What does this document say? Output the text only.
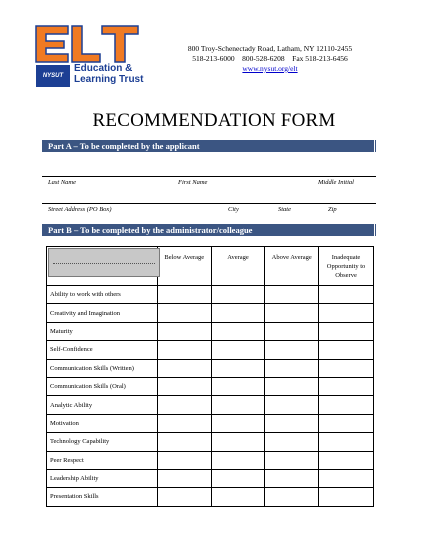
NYSUT
Education &
Learning Trust
800 Troy-Schenectady Road, Latham, NY 12110-2455
518-213-6000    800-528-6208    Fax 518-213-6456
www.nysut.org/elt
RECOMMENDATION FORM
Part A – To be completed by the applicant
Last Name	First Name	Middle Initial
Street Address (PO Box)	City	State	Zip
Part B – To be completed by the administrator/colleague
	Below Average	Average	Above Average	Inadequate Opportunity to Observe
Ability to work with others				
Creativity and Imagination				
Maturity				
Self-Confidence				
Communication Skills (Written)				
Communication Skills (Oral)				
Analytic Ability				
Motivation				
Technology Capability				
Peer Respect				
Leadership Ability				
Presentation Skills				
